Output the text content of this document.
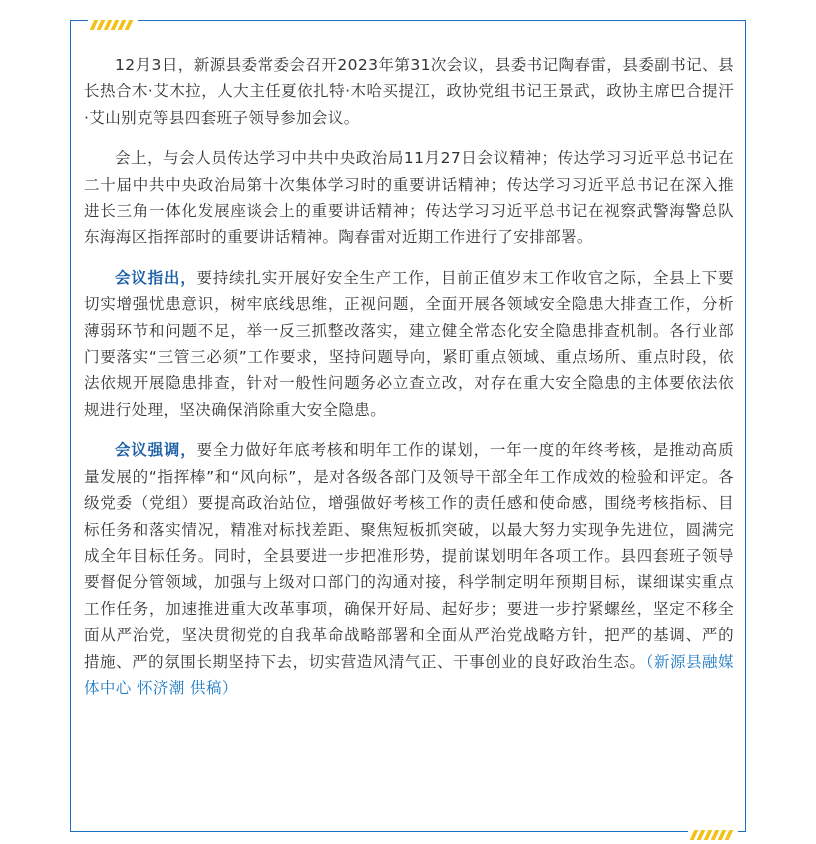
12月3日，新源县委常委会召开2023年第31次会议，县委书记陶春雷，县委副书记、县长热合木·艾木拉，人大主任夏依扎特·木哈买提江，政协党组书记王景武，政协主席巴合提汗·艾山别克等县四套班子领导参加会议。

会上，与会人员传达学习中共中央政治局11月27日会议精神；传达学习习近平总书记在二十届中共中央政治局第十次集体学习时的重要讲话精神；传达学习习近平总书记在深入推进长三角一体化发展座谈会上的重要讲话精神；传达学习习近平总书记在视察武警海警总队东海海区指挥部时的重要讲话精神。陶春雷对近期工作进行了安排部署。

会议指出，要持续扎实开展好安全生产工作，目前正值岁末工作收官之际，全县上下要切实增强忧患意识，树牢底线思维，正视问题，全面开展各领域安全隐患大排查工作，分析薄弱环节和问题不足，举一反三抓整改落实，建立健全常态化安全隐患排查机制。各行业部门要落实“三管三必须”工作要求，坚持问题导向，紧盯重点领域、重点场所、重点时段，依法依规开展隐患排查，针对一般性问题务必立查立改，对存在重大安全隐患的主体要依法依规进行处理，坚决确保消除重大安全隐患。

会议强调，要全力做好年底考核和明年工作的谋划，一年一度的年终考核，是推动高质量发展的“指挥棒”和“风向标”，是对各级各部门及领导干部全年工作成效的检验和评定。各级党委（党组）要提高政治站位，增强做好考核工作的责任感和使命感，围绕考核指标、目标任务和落实情况，精准对标找差距、聚焦短板抓突破，以最大努力实现争先进位，圆满完成全年目标任务。同时，全县要进一步把准形势，提前谋划明年各项工作。县四套班子领导要督促分管领域，加强与上级对口部门的沟通对接，科学制定明年预期目标，谋细谋实重点工作任务，加速推进重大改革事项，确保开好局、起好步；要进一步拧紧螺丝，坚定不移全面从严治党，坚决贯彻党的自我革命战略部署和全面从严治党战略方针，把严的基调、严的措施、严的氛围长期坚持下去，切实营造风清气正、干事创业的良好政治生态。（新源县融媒体中心 怀济潮 供稿）
